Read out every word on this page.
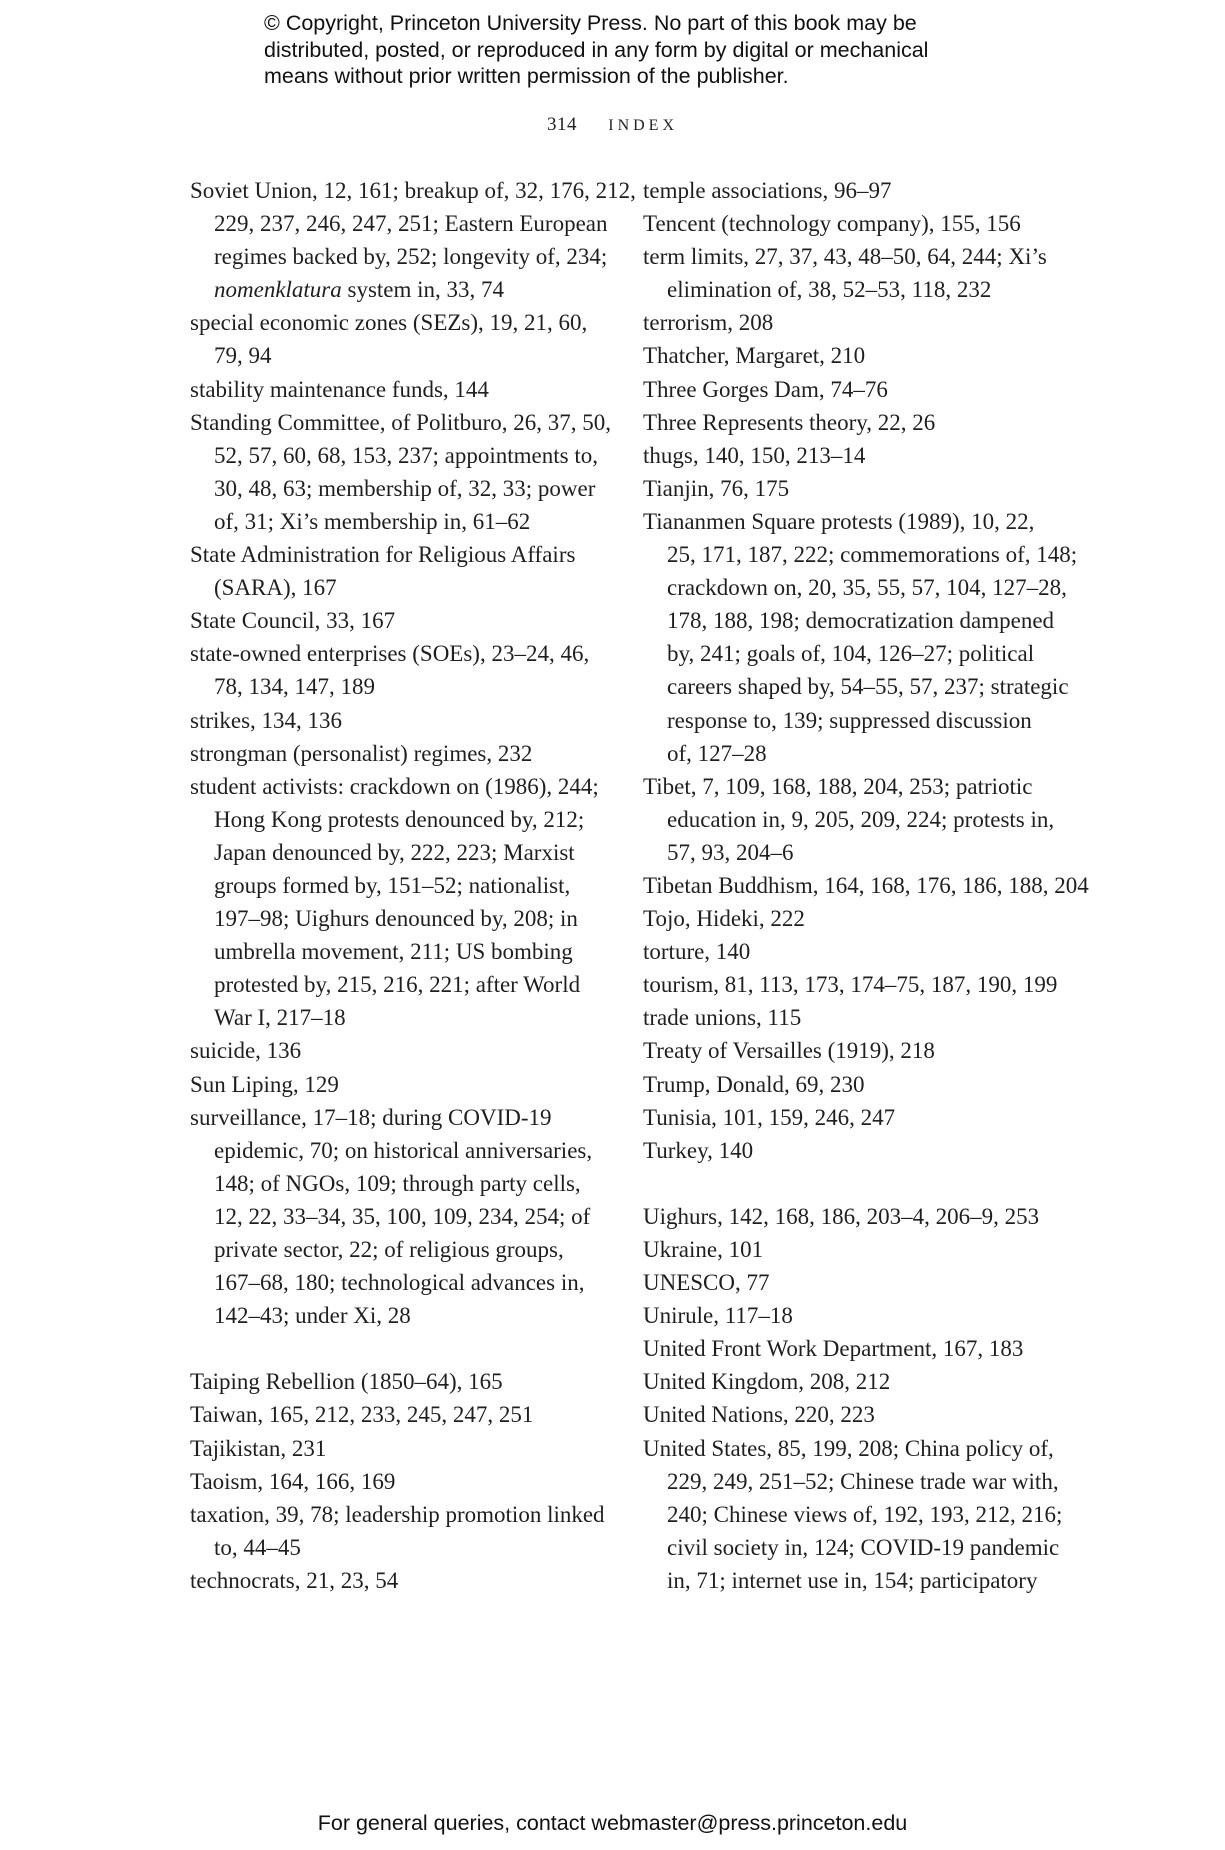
© Copyright, Princeton University Press. No part of this book may be
distributed, posted, or reproduced in any form by digital or mechanical
means without prior written permission of the publisher.
314 INDEX
Soviet Union, 12, 161; breakup of, 32, 176, 212,
229, 237, 246, 247, 251; Eastern European
regimes backed by, 252; longevity of, 234;
nomenklatura system in, 33, 74
special economic zones (SEZs), 19, 21, 60,
79, 94
stability maintenance funds, 144
Standing Committee, of Politburo, 26, 37, 50,
52, 57, 60, 68, 153, 237; appointments to,
30, 48, 63; membership of, 32, 33; power
of, 31; Xi’s membership in, 61–62
State Administration for Religious Affairs
(SARA), 167
State Council, 33, 167
state-owned enterprises (SOEs), 23–24, 46,
78, 134, 147, 189
strikes, 134, 136
strongman (personalist) regimes, 232
student activists: crackdown on (1986), 244;
Hong Kong protests denounced by, 212;
Japan denounced by, 222, 223; Marxist
groups formed by, 151–52; nationalist,
197–98; Uighurs denounced by, 208; in
umbrella movement, 211; US bombing
protested by, 215, 216, 221; after World
War I, 217–18
suicide, 136
Sun Liping, 129
surveillance, 17–18; during COVID-19
epidemic, 70; on historical anniversaries,
148; of NGOs, 109; through party cells,
12, 22, 33–34, 35, 100, 109, 234, 254; of
private sector, 22; of religious groups,
167–68, 180; technological advances in,
142–43; under Xi, 28
Taiping Rebellion (1850–64), 165
Taiwan, 165, 212, 233, 245, 247, 251
Tajikistan, 231
Taoism, 164, 166, 169
taxation, 39, 78; leadership promotion linked
to, 44–45
technocrats, 21, 23, 54
temple associations, 96–97
Tencent (technology company), 155, 156
term limits, 27, 37, 43, 48–50, 64, 244; Xi’s
elimination of, 38, 52–53, 118, 232
terrorism, 208
Thatcher, Margaret, 210
Three Gorges Dam, 74–76
Three Represents theory, 22, 26
thugs, 140, 150, 213–14
Tianjin, 76, 175
Tiananmen Square protests (1989), 10, 22,
25, 171, 187, 222; commemorations of, 148;
crackdown on, 20, 35, 55, 57, 104, 127–28,
178, 188, 198; democratization dampened
by, 241; goals of, 104, 126–27; political
careers shaped by, 54–55, 57, 237; strategic
response to, 139; suppressed discussion
of, 127–28
Tibet, 7, 109, 168, 188, 204, 253; patriotic
education in, 9, 205, 209, 224; protests in,
57, 93, 204–6
Tibetan Buddhism, 164, 168, 176, 186, 188, 204
Tojo, Hideki, 222
torture, 140
tourism, 81, 113, 173, 174–75, 187, 190, 199
trade unions, 115
Treaty of Versailles (1919), 218
Trump, Donald, 69, 230
Tunisia, 101, 159, 246, 247
Turkey, 140
Uighurs, 142, 168, 186, 203–4, 206–9, 253
Ukraine, 101
UNESCO, 77
Unirule, 117–18
United Front Work Department, 167, 183
United Kingdom, 208, 212
United Nations, 220, 223
United States, 85, 199, 208; China policy of,
229, 249, 251–52; Chinese trade war with,
240; Chinese views of, 192, 193, 212, 216;
civil society in, 124; COVID-19 pandemic
in, 71; internet use in, 154; participatory
For general queries, contact webmaster@press.princeton.edu
